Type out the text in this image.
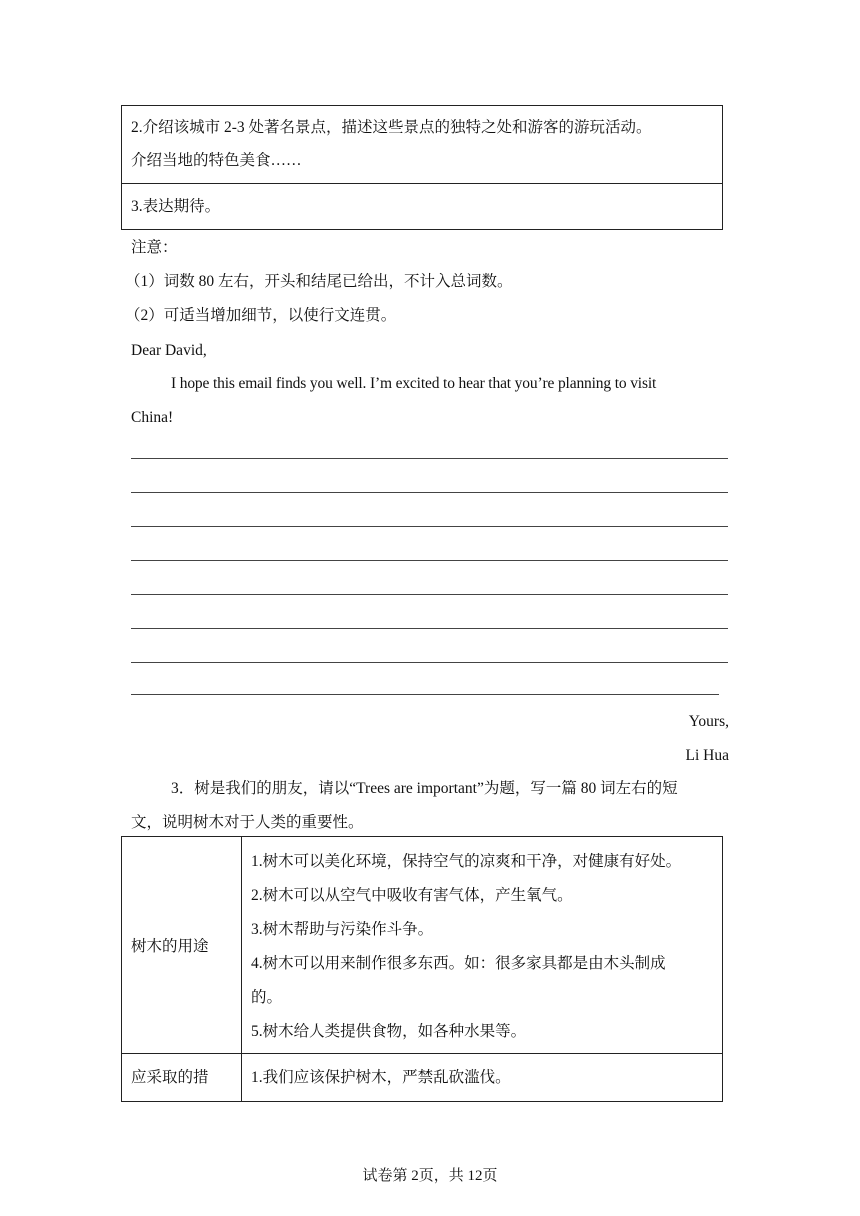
2.介绍该城市 2-3 处著名景点，描述这些景点的独特之处和游客的游玩活动。
介绍当地的特色美食……
3.表达期待。
注意：
（1）词数 80 左右，开头和结尾已给出，不计入总词数。
（2）可适当增加细节，以使行文连贯。
Dear David,
I hope this email finds you well. I’m excited to hear that you’re planning to visit
China!
Yours,
Li Hua
3．树是我们的朋友，请以“Trees are important”为题，写一篇 80 词左右的短
文，说明树木对于人类的重要性。
树木的用途
1.树木可以美化环境，保持空气的凉爽和干净，对健康有好处。
2.树木可以从空气中吸收有害气体，产生氧气。
3.树木帮助与污染作斗争。
4.树木可以用来制作很多东西。如：很多家具都是由木头制成
的。
5.树木给人类提供食物，如各种水果等。
应采取的措	1.我们应该保护树木，严禁乱砍滥伐。
试卷第 2页，共 12页
